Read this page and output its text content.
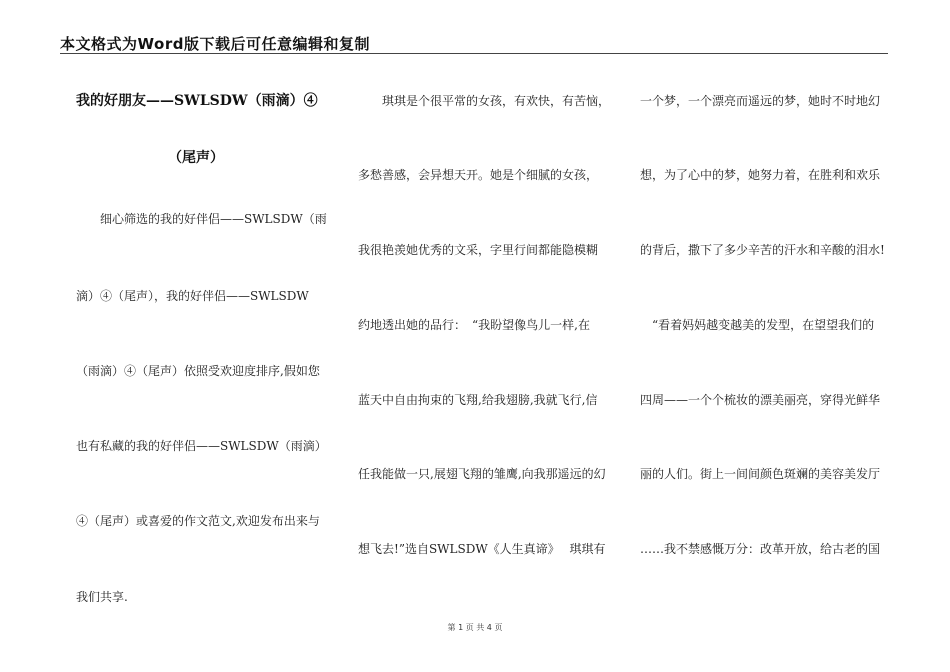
本文格式为Word版下载后可任意编辑和复制
我的好朋友——SWLSDW（雨滴）④
（尾声）
细心筛选的我的好伴侣——SWLSDW（雨
滴）④（尾声），我的好伴侣——SWLSDW
（雨滴）④（尾声）依照受欢迎度排序,假如您
也有私藏的我的好伴侣——SWLSDW（雨滴）
④（尾声）或喜爱的作文范文,欢迎发布出来与
我们共享.
琪琪是个很平常的女孩，有欢快，有苦恼，
多愁善感，会异想天开。她是个细腻的女孩，
我很艳羡她优秀的文采，字里行间都能隐模糊
约地透出她的品行：　“我盼望像鸟儿一样,在
蓝天中自由拘束的飞翔,给我翅膀,我就飞行,信
任我能做一只,展翅飞翔的雏鹰,向我那遥远的幻
想飞去!”选自SWLSDW《人生真谛》　 琪琪有
一个梦，一个漂亮而遥远的梦，她时不时地幻
想，为了心中的梦，她努力着，在胜利和欢乐
的背后，撒下了多少辛苦的汗水和辛酸的泪水!
“看着妈妈越变越美的发型，在望望我们的
四周——一个个梳妆的漂美丽亮，穿得光鲜华
丽的人们。街上一间间颜色斑斓的美容美发厅
……我不禁感慨万分：改革开放，给古老的国
第 1 页 共 4 页
